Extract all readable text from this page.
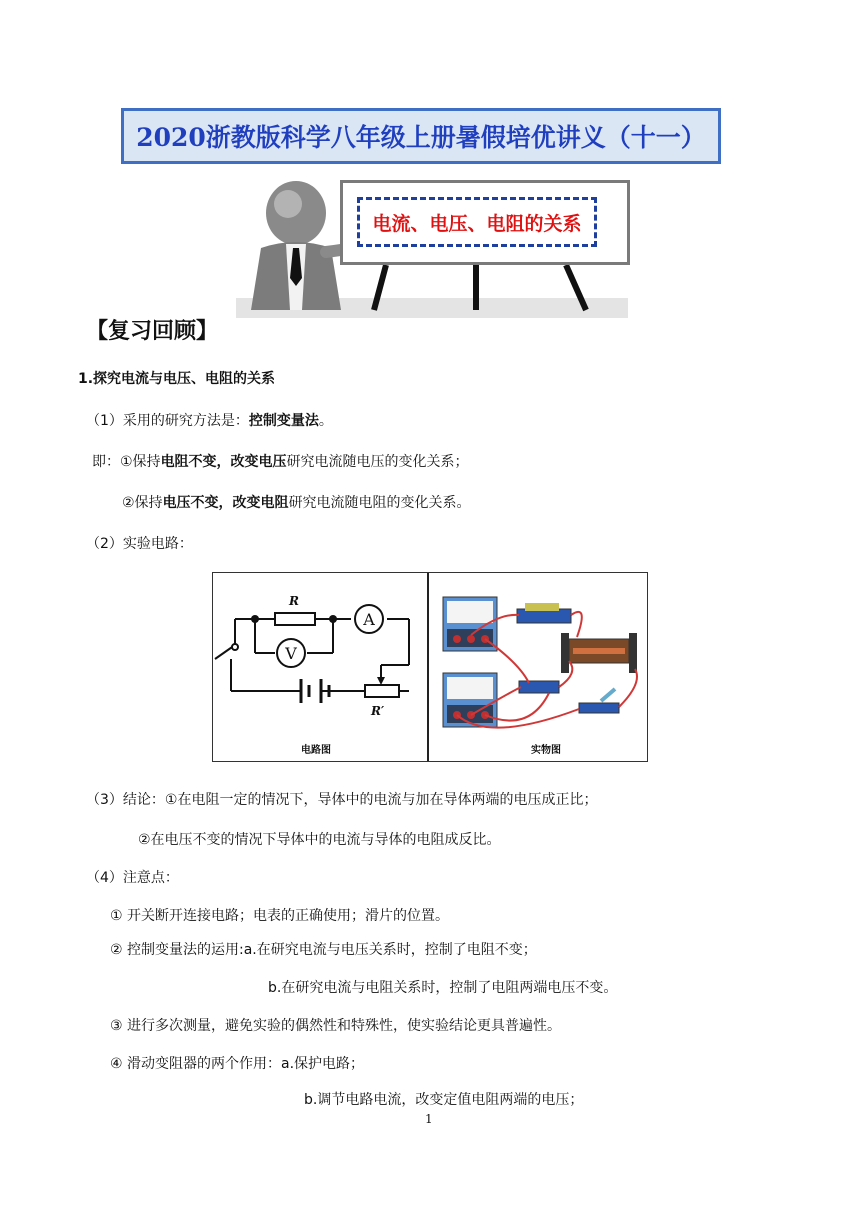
2020浙教版科学八年级上册暑假培优讲义（十一）
电流、电压、电阻的关系
【复习回顾】
1.探究电流与电压、电阻的关系
（1）采用的研究方法是：控制变量法。
即：①保持电阻不变，改变电压研究电流随电压的变化关系；
②保持电压不变，改变电阻研究电流随电阻的变化关系。
（2）实验电路：
A
V
R
R′
电路图	实物图
（3）结论：①在电阻一定的情况下，导体中的电流与加在导体两端的电压成正比；
②在电压不变的情况下导体中的电流与导体的电阻成反比。
（4）注意点：
① 开关断开连接电路；电表的正确使用；滑片的位置。
② 控制变量法的运用:a.在研究电流与电压关系时，控制了电阻不变；
b.在研究电流与电阻关系时，控制了电阻两端电压不变。
③ 进行多次测量，避免实验的偶然性和特殊性，使实验结论更具普遍性。
④ 滑动变阻器的两个作用：a.保护电路；
b.调节电路电流，改变定值电阻两端的电压；
1
